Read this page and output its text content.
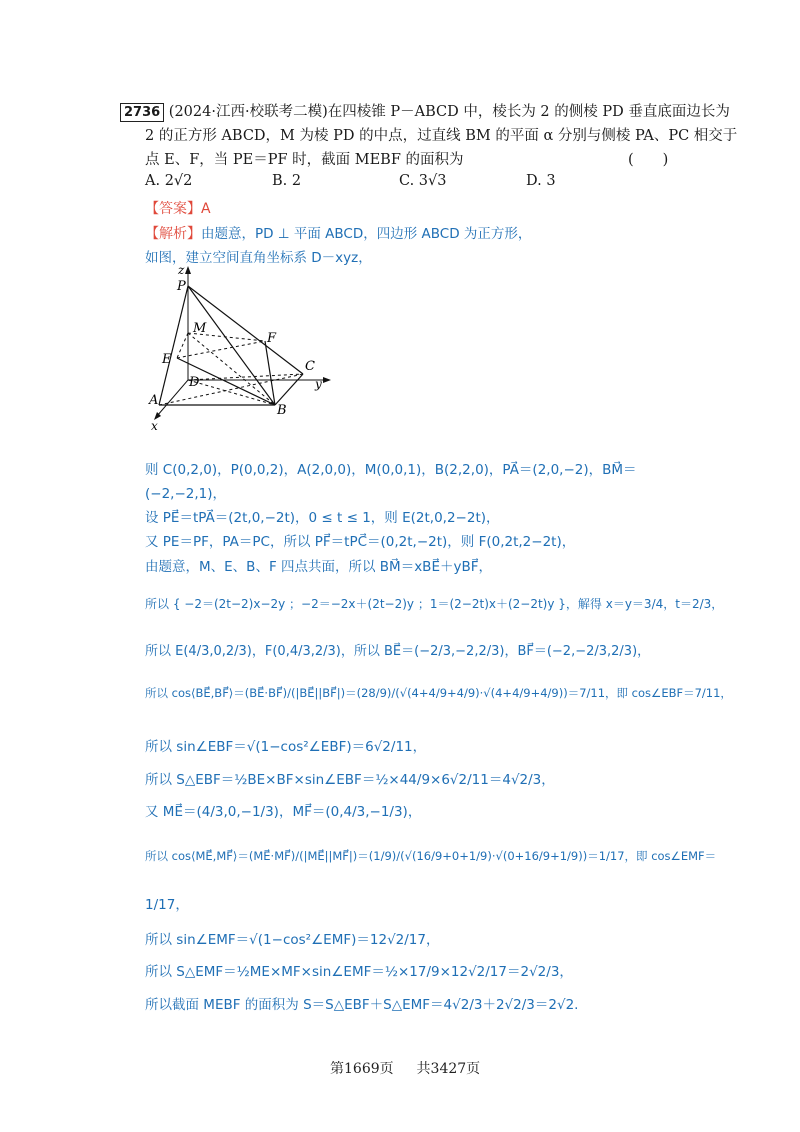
2736 (2024·江西·校联考二模)在四棱锥 P－ABCD 中，棱长为 2 的侧棱 PD 垂直底面边长为
2 的正方形 ABCD，M 为棱 PD 的中点，过直线 BM 的平面 α 分别与侧棱 PA、PC 相交于
点 E、F，当 PE＝PF 时，截面 MEBF 的面积为	(　　)
A. 2√2	B. 2	C. 3√3	D. 3
【答案】A
【解析】由题意，PD ⊥ 平面 ABCD，四边形 ABCD 为正方形，
如图，建立空间直角坐标系 D－xyz，
z
P
M
F
E
D
C
y
A
B
x
则 C(0,2,0)，P(0,0,2)，A(2,0,0)，M(0,0,1)，B(2,2,0)，PA⃗＝(2,0,−2)，BM⃗＝
(−2,−2,1)，
设 PE⃗＝tPA⃗＝(2t,0,−2t)，0 ≤ t ≤ 1，则 E(2t,0,2−2t)，
又 PE＝PF，PA＝PC，所以 PF⃗＝tPC⃗＝(0,2t,−2t)，则 F(0,2t,2−2t)，
由题意，M、E、B、F 四点共面，所以 BM⃗＝xBE⃗＋yBF⃗，
所以 { −2＝(2t−2)x−2y ；−2＝−2x＋(2t−2)y ；1＝(2−2t)x＋(2−2t)y }，解得 x＝y＝3/4，t＝2/3，
所以 E(4/3,0,2/3)，F(0,4/3,2/3)，所以 BE⃗＝(−2/3,−2,2/3)，BF⃗＝(−2,−2/3,2/3)，
所以 cos⟨BE⃗,BF⃗⟩＝(BE⃗·BF⃗)/(|BE⃗||BF⃗|)＝(28/9)/(√(4+4/9+4/9)·√(4+4/9+4/9))＝7/11，即 cos∠EBF＝7/11，
所以 sin∠EBF＝√(1−cos²∠EBF)＝6√2/11，
所以 S△EBF＝½BE×BF×sin∠EBF＝½×44/9×6√2/11＝4√2/3，
又 ME⃗＝(4/3,0,−1/3)，MF⃗＝(0,4/3,−1/3)，
所以 cos⟨ME⃗,MF⃗⟩＝(ME⃗·MF⃗)/(|ME⃗||MF⃗|)＝(1/9)/(√(16/9+0+1/9)·√(0+16/9+1/9))＝1/17，即 cos∠EMF＝
1/17，
所以 sin∠EMF＝√(1−cos²∠EMF)＝12√2/17，
所以 S△EMF＝½ME×MF×sin∠EMF＝½×17/9×12√2/17＝2√2/3，
所以截面 MEBF 的面积为 S＝S△EBF＋S△EMF＝4√2/3＋2√2/3＝2√2.
第1669页 共3427页
